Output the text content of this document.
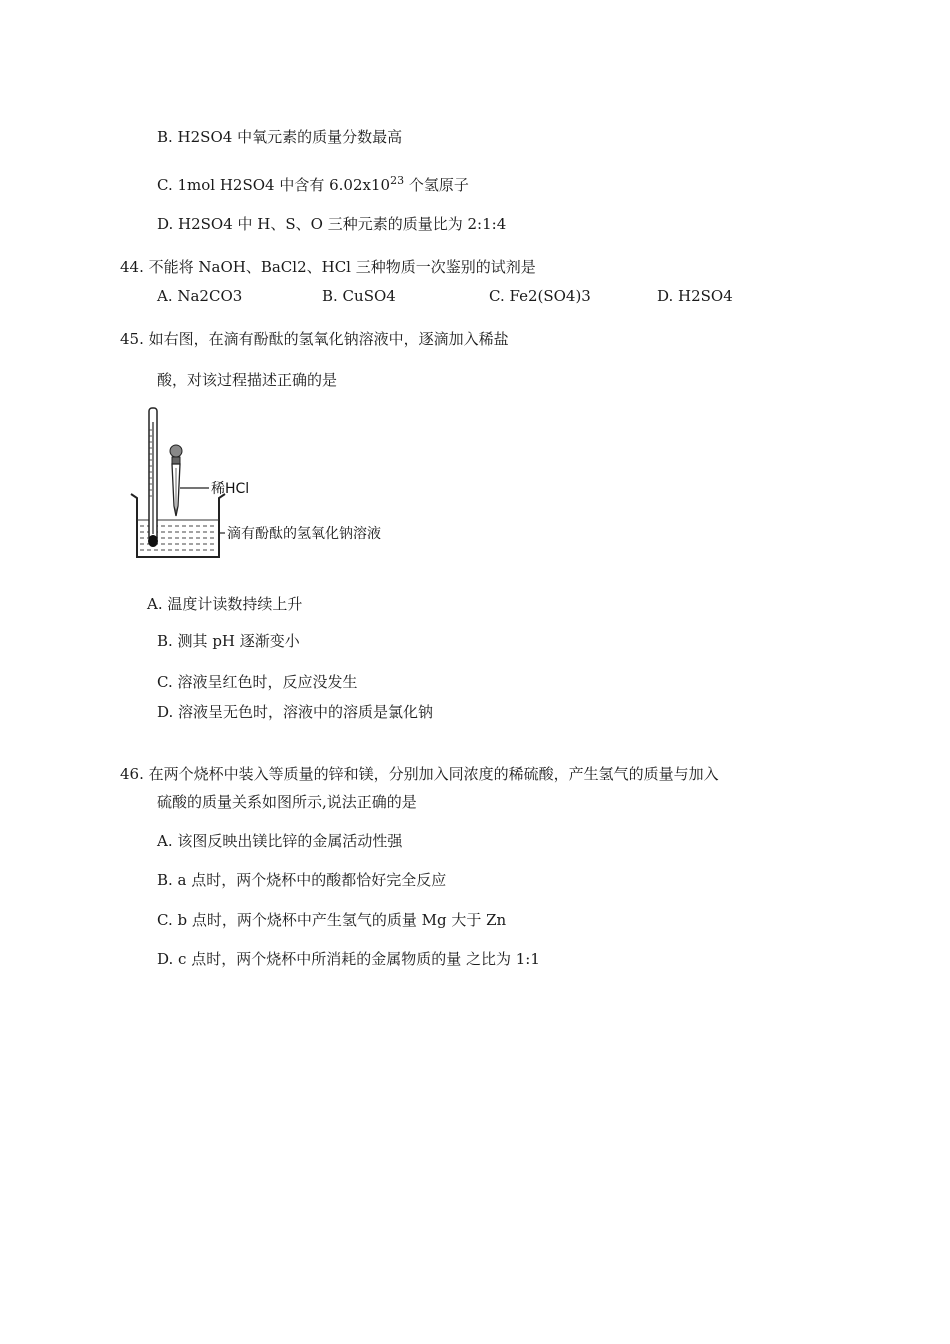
B. H2SO4 中氧元素的质量分数最高
C. 1mol H2SO4 中含有 $6.02x10^{23}$ 个氢原子
D. H2SO4 中 H、S、O 三种元素的质量比为 2:1:4
44. 不能将 NaOH、BaCl2、HCl 三种物质一次鉴别的试剂是
A. Na2CO3	B. CuSO4	C. Fe2(SO4)3	D. H2SO4
45. 如右图，在滴有酚酞的氢氧化钠溶液中，逐滴加入稀盐
酸，对该过程描述正确的是
稀HCl
滴有酚酞的氢氧化钠溶液
A. 温度计读数持续上升
B. 测其 pH 逐渐变小
C. 溶液呈红色时，反应没发生
D. 溶液呈无色时，溶液中的溶质是氯化钠
46. 在两个烧杯中装入等质量的锌和镁，分别加入同浓度的稀硫酸，产生氢气的质量与加入
硫酸的质量关系如图所示,说法正确的是
A. 该图反映出镁比锌的金属活动性强
B. a 点时，两个烧杯中的酸都恰好完全反应
C. b 点时，两个烧杯中产生氢气的质量 Mg 大于 Zn
D. c 点时，两个烧杯中所消耗的金属物质的量 之比为 1:1
